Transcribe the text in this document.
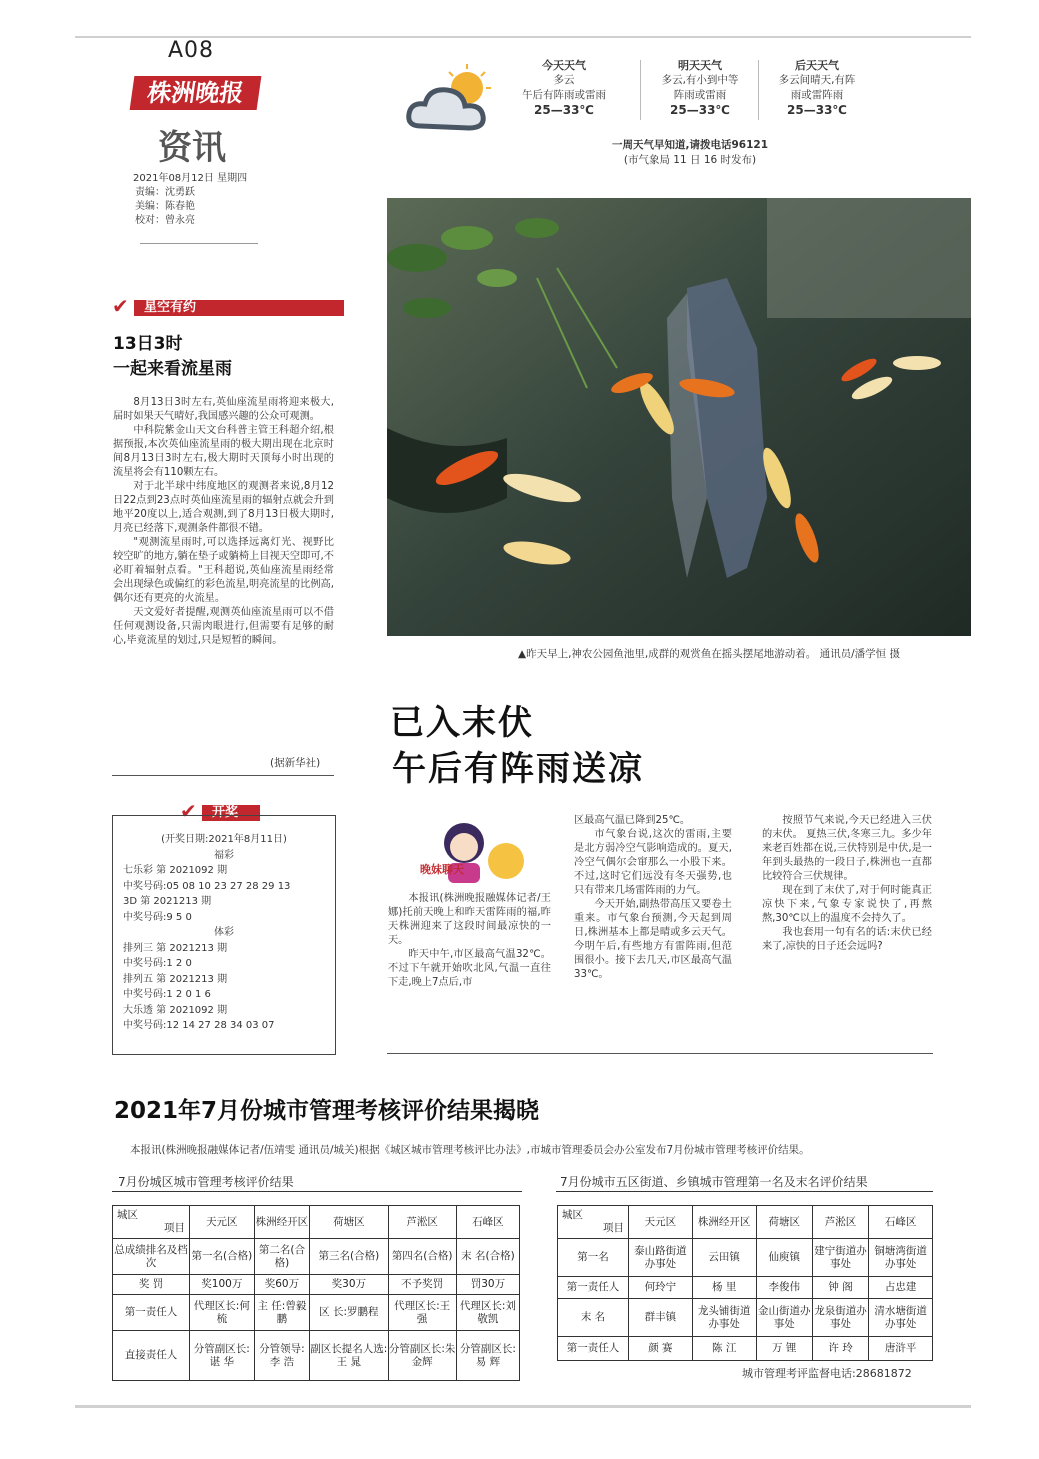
A08
株洲晚报
资讯
2021年08月12日 星期四
责编：沈勇跃
美编：陈春艳
校对：曾永亮
今天天气
多云
午后有阵雨或雷雨
25—33℃
明天天气
多云,有小到中等
阵雨或雷雨
25—33℃
后天天气
多云间晴天,有阵
雨或雷阵雨
25—33℃
一周天气早知道,请拨电话96121
(市气象局 11 日 16 时发布)
▲昨天早上,神农公园鱼池里,成群的观赏鱼在摇头摆尾地游动着。 通讯员/潘学恒 摄
✔	星空有约
13日3时
一起来看流星雨

8月13日3时左右,英仙座流星雨将迎来极大,届时如果天气晴好,我国感兴趣的公众可观测。

中科院紫金山天文台科普主管王科超介绍,根据预报,本次英仙座流星雨的极大期出现在北京时间8月13日3时左右,极大期时天顶每小时出现的流星将会有110颗左右。

对于北半球中纬度地区的观测者来说,8月12日22点到23点时英仙座流星雨的辐射点就会升到地平20度以上,适合观测,到了8月13日极大期时,月亮已经落下,观测条件都很不错。

"观测流星雨时,可以选择远离灯光、视野比较空旷的地方,躺在垫子或躺椅上目视天空即可,不必盯着辐射点看。"王科超说,英仙座流星雨经常会出现绿色或偏红的彩色流星,明亮流星的比例高,偶尔还有更亮的火流星。

天文爱好者提醒,观测英仙座流星雨可以不借任何观测设备,只需肉眼进行,但需要有足够的耐心,毕竟流星的划过,只是短暂的瞬间。

(据新华社)
✔	开奖
(开奖日期:2021年8月11日)
福彩
七乐彩 第 2021092 期
中奖号码:05 08 10 23 27 28 29 13
3D 第 2021213 期
中奖号码:9 5 0
体彩
排列三 第 2021213 期
中奖号码:1 2 0
排列五 第 2021213 期
中奖号码:1 2 0 1 6
大乐透 第 2021092 期
中奖号码:12 14 27 28 34 03 07
已入末伏
午后有阵雨送凉
晚妹聊天

本报讯(株洲晚报融媒体记者/王娜)托前天晚上和昨天雷阵雨的福,昨天株洲迎来了这段时间最凉快的一天。

昨天中午,市区最高气温32℃。不过下午就开始吹北风,气温一直往下走,晚上7点后,市

区最高气温已降到25℃。

市气象台说,这次的雷雨,主要是北方弱冷空气影响造成的。夏天,冷空气偶尔会窜那么一小股下来。不过,这时它们远没有冬天强势,也只有带来几场雷阵雨的力气。

今天开始,副热带高压又要卷土重来。市气象台预测,今天起到周日,株洲基本上都是晴或多云天气。今明午后,有些地方有雷阵雨,但范围很小。接下去几天,市区最高气温33℃。

按照节气来说,今天已经进入三伏的末伏。 夏热三伏,冬寒三九。多少年来老百姓都在说,三伏特别是中伏,是一年到头最热的一段日子,株洲也一直都比较符合三伏规律。

现在到了末伏了,对于何时能真正凉快下来,气象专家说快了,再熬熬,30℃以上的温度不会持久了。

我也套用一句有名的话:末伏已经来了,凉快的日子还会远吗?

2021年7月份城市管理考核评价结果揭晓
本报讯(株洲晚报融媒体记者/伍靖雯 通讯员/城关)根据《城区城市管理考核评比办法》,市城市管理委员会办公室发布7月份城市管理考核评价结果。
7月份城区城市管理考核评价结果	7月份城市五区街道、乡镇城市管理第一名及末名评价结果
城区
项目	天元区	株洲经开区	荷塘区	芦淞区	石峰区
总成绩排名及档次	第一名(合格)	第二名(合格)	第三名(合格)	第四名(合格)	末 名(合格)
奖 罚	奖100万	奖60万	奖30万	不予奖罚	罚30万
第一责任人	代理区长:何 梳	主 任:曾毅鹏	区 长:罗鹏程	代理区长:王 强	代理区长:刘敬凯
直接责任人	分管副区长:谌 华	分管领导:李 浩	副区长提名人选:王 晁	分管副区长:朱金辉	分管副区长:易 辉
城区
项目	天元区	株洲经开区	荷塘区	芦淞区	石峰区
第一名	泰山路街道办事处	云田镇	仙庾镇	建宁街道办事处	铜塘湾街道办事处
第一责任人	何玲宁	杨 里	李俊伟	钟 阁	占忠建
末 名	群丰镇	龙头铺街道办事处	金山街道办事处	龙泉街道办事处	清水塘街道办事处
第一责任人	颜 赛	陈 江	万 锂	许 玲	唐浒平
城市管理考评监督电话:28681872
